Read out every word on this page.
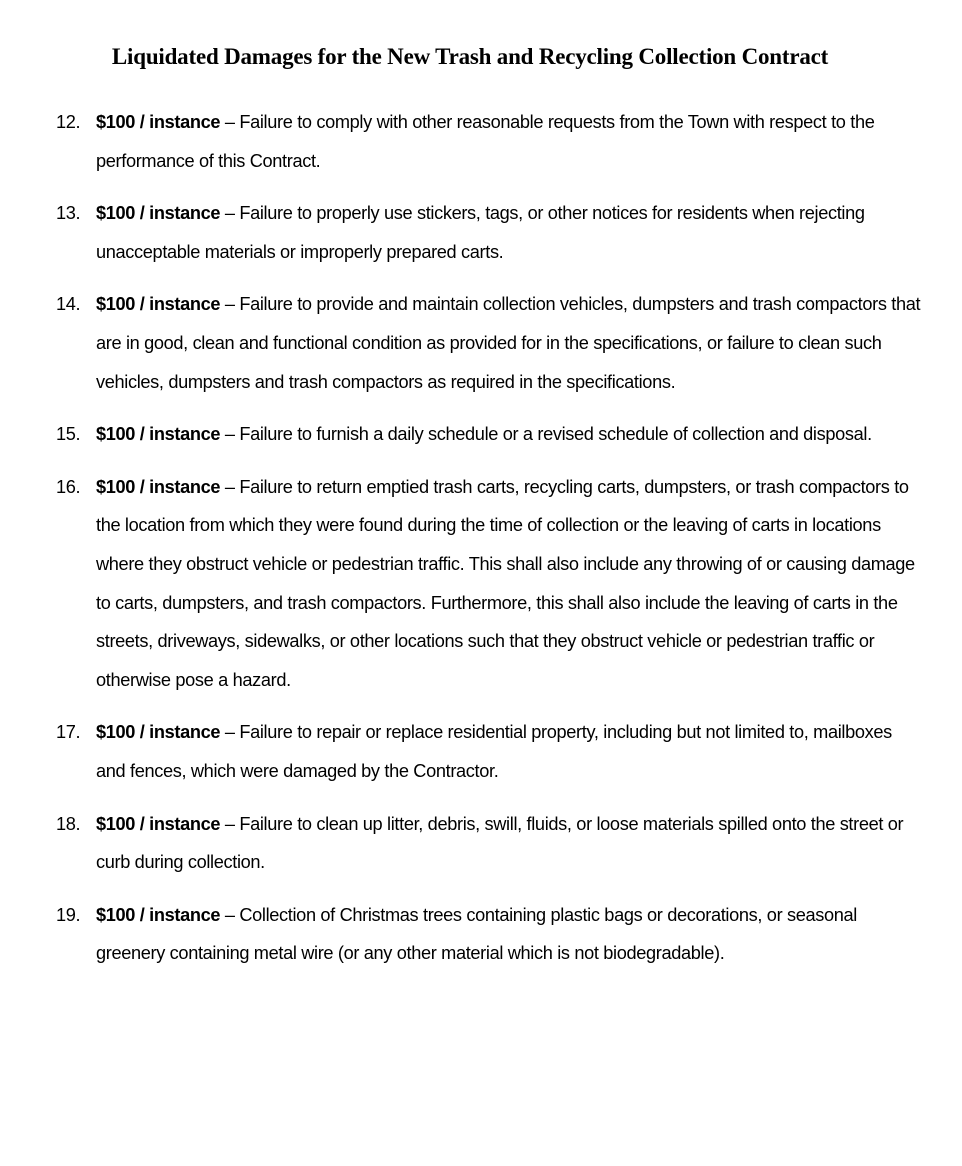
Liquidated Damages for the New Trash and Recycling Collection Contract
12. $100 / instance – Failure to comply with other reasonable requests from the Town with respect to the performance of this Contract.
13. $100 / instance – Failure to properly use stickers, tags, or other notices for residents when rejecting unacceptable materials or improperly prepared carts.
14. $100 / instance – Failure to provide and maintain collection vehicles, dumpsters and trash compactors that are in good, clean and functional condition as provided for in the specifications, or failure to clean such vehicles, dumpsters and trash compactors as required in the specifications.
15. $100 / instance – Failure to furnish a daily schedule or a revised schedule of collection and disposal.
16. $100 / instance – Failure to return emptied trash carts, recycling carts, dumpsters, or trash compactors to the location from which they were found during the time of collection or the leaving of carts in locations where they obstruct vehicle or pedestrian traffic. This shall also include any throwing of or causing damage to carts, dumpsters, and trash compactors. Furthermore, this shall also include the leaving of carts in the streets, driveways, sidewalks, or other locations such that they obstruct vehicle or pedestrian traffic or otherwise pose a hazard.
17. $100 / instance – Failure to repair or replace residential property, including but not limited to, mailboxes and fences, which were damaged by the Contractor.
18. $100 / instance – Failure to clean up litter, debris, swill, fluids, or loose materials spilled onto the street or curb during collection.
19. $100 / instance – Collection of Christmas trees containing plastic bags or decorations, or seasonal greenery containing metal wire (or any other material which is not biodegradable).
